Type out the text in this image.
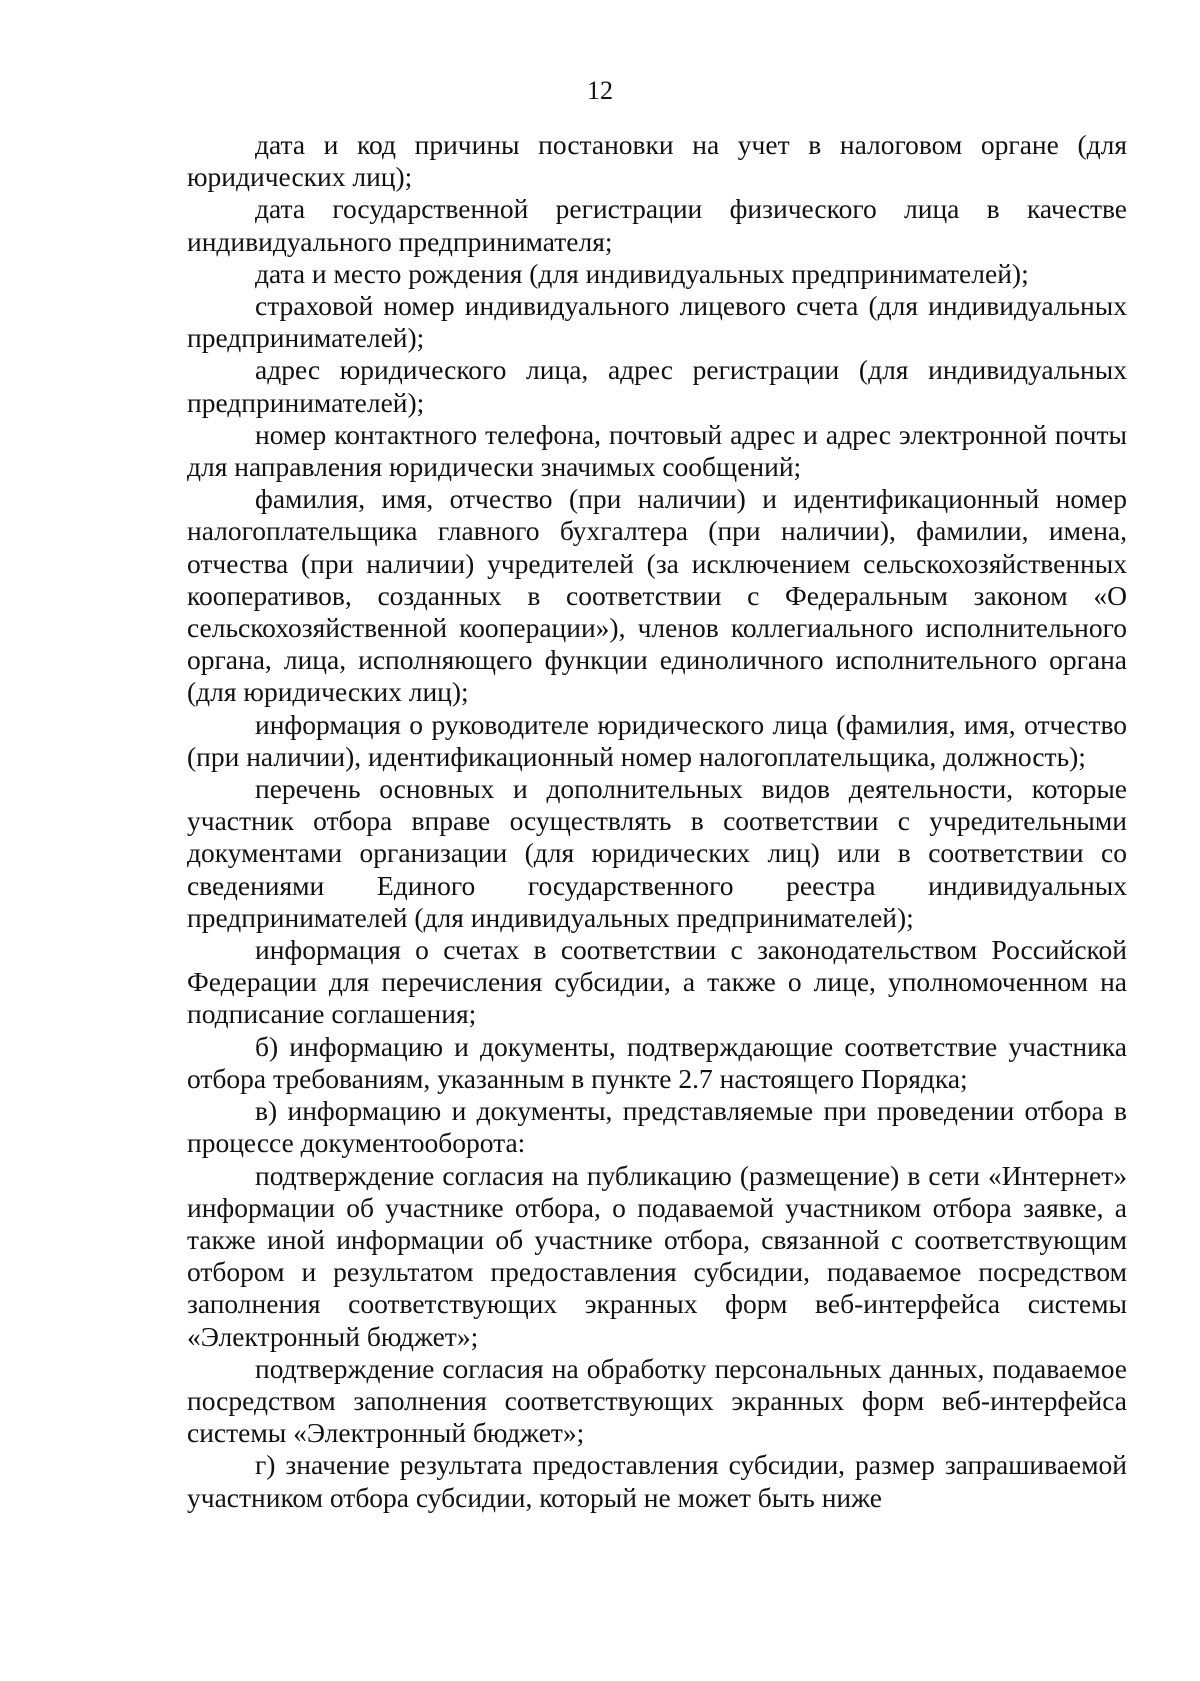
12

дата и код причины постановки на учет в налоговом органе (для юридических лиц);

дата государственной регистрации физического лица в качестве индивидуального предпринимателя;

дата и место рождения (для индивидуальных предпринимателей);

страховой номер индивидуального лицевого счета (для индивидуальных предпринимателей);

адрес юридического лица, адрес регистрации (для индивидуальных предпринимателей);

номер контактного телефона, почтовый адрес и адрес электронной почты для направления юридически значимых сообщений;

фамилия, имя, отчество (при наличии) и идентификационный номер налогоплательщика главного бухгалтера (при наличии), фамилии, имена, отчества (при наличии) учредителей (за исключением сельскохозяйственных кооперативов, созданных в соответствии с Федеральным законом «О сельскохозяйственной кооперации»), членов коллегиального исполнительного органа, лица, исполняющего функции единоличного исполнительного органа (для юридических лиц);

информация о руководителе юридического лица (фамилия, имя, отчество (при наличии), идентификационный номер налогоплательщика, должность);

перечень основных и дополнительных видов деятельности, которые участник отбора вправе осуществлять в соответствии с учредительными документами организации (для юридических лиц) или в соответствии со сведениями Единого государственного реестра индивидуальных предпринимателей (для индивидуальных предпринимателей);

информация о счетах в соответствии с законодательством Российской Федерации для перечисления субсидии, а также о лице, уполномоченном на подписание соглашения;

б) информацию и документы, подтверждающие соответствие участника отбора требованиям, указанным в пункте 2.7 настоящего Порядка;

в) информацию и документы, представляемые при проведении отбора в процессе документооборота:

подтверждение согласия на публикацию (размещение) в сети «Интернет» информации об участнике отбора, о подаваемой участником отбора заявке, а также иной информации об участнике отбора, связанной с соответствующим отбором и результатом предоставления субсидии, подаваемое посредством заполнения соответствующих экранных форм веб-интерфейса системы «Электронный бюджет»;

подтверждение согласия на обработку персональных данных, подаваемое посредством заполнения соответствующих экранных форм веб-интерфейса системы «Электронный бюджет»;

г) значение результата предоставления субсидии, размер запрашиваемой участником отбора субсидии, который не может быть ниже
